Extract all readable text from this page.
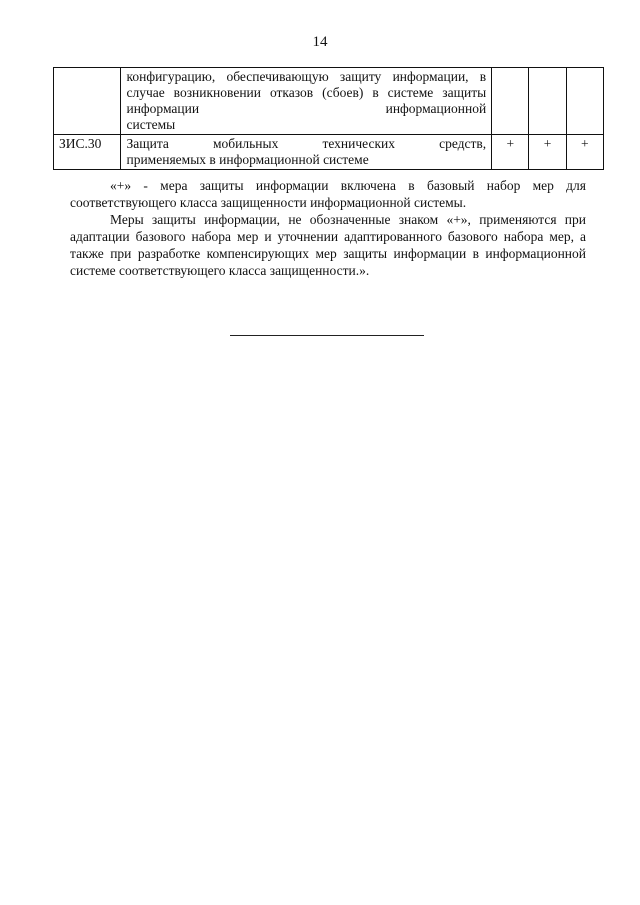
14
	конфигурацию, обеспечивающую защиту информации, в случае возникновении отказов (сбоев) в системе защиты информации информационной
системы			

ЗИС.30	Защита мобильных технических средств,
применяемых в информационной системе	+	+	+

«+» - мера защиты информации включена в базовый набор мер для соответствующего класса защищенности информационной системы.

Меры защиты информации, не обозначенные знаком «+», применяются при адаптации базового набора мер и уточнении адаптированного базового набора мер, а также при разработке компенсирующих мер защиты информации в информационной системе соответствующего класса защищенности.».
